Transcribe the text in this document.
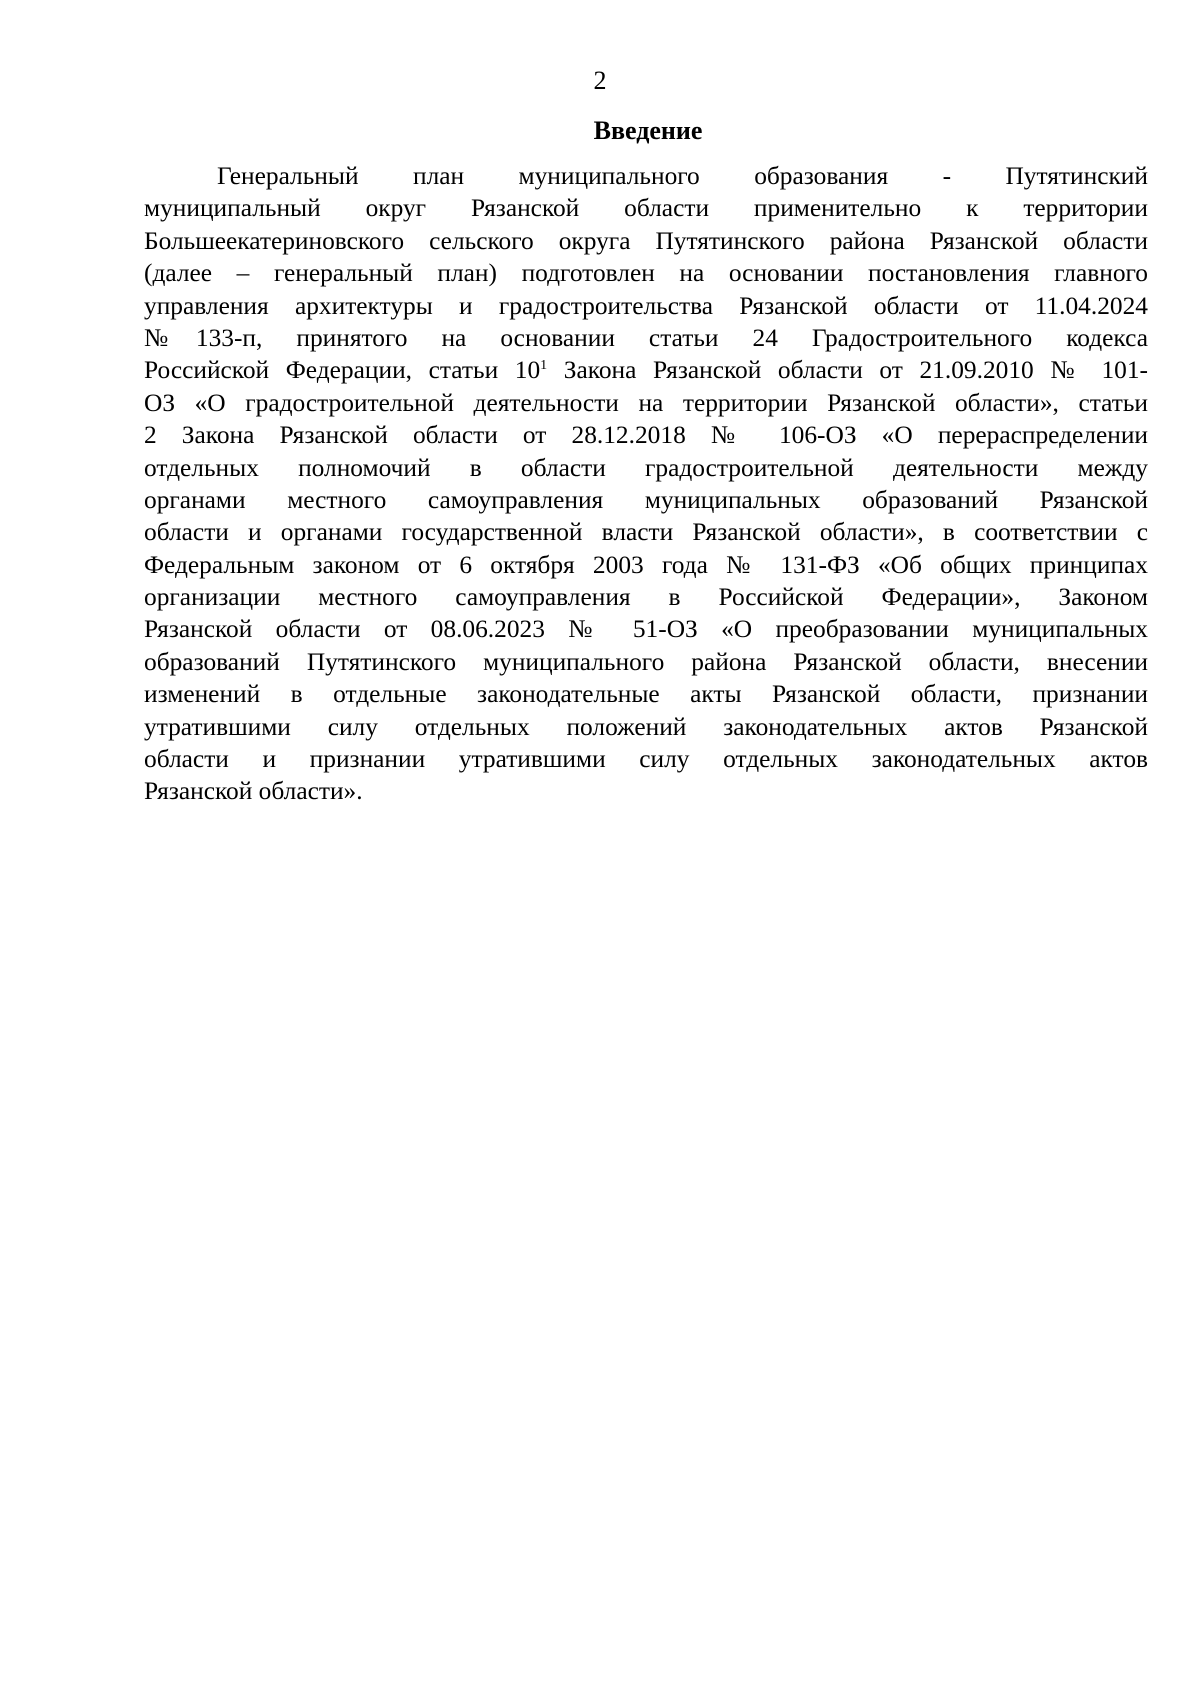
2
Введение
Генеральный план муниципального образования - Путятинский
муниципальный округ Рязанской области применительно к территории
Большеекатериновского сельского округа Путятинского района Рязанской области
(далее – генеральный план) подготовлен на основании постановления главного
управления архитектуры и градостроительства Рязанской области от 11.04.2024
№133-п, принятого на основании статьи 24 Градостроительного кодекса
Российской Федерации, статьи $10^1$ Закона Рязанской области от 21.09.2010 № 101-
ОЗ «О градостроительной деятельности на территории Рязанской области», статьи
2 Закона Рязанской области от 28.12.2018 № 106-ОЗ «О перераспределении
отдельных полномочий в области градостроительной деятельности между
органами местного самоуправления муниципальных образований Рязанской
области и органами государственной власти Рязанской области», в соответствии с
Федеральным законом от 6 октября 2003 года № 131-ФЗ «Об общих принципах
организации местного самоуправления в Российской Федерации», Законом
Рязанской области от 08.06.2023 № 51-ОЗ «О преобразовании муниципальных
образований Путятинского муниципального района Рязанской области, внесении
изменений в отдельные законодательные акты Рязанской области, признании
утратившими силу отдельных положений законодательных актов Рязанской
области и признании утратившими силу отдельных законодательных актов
Рязанской области».
